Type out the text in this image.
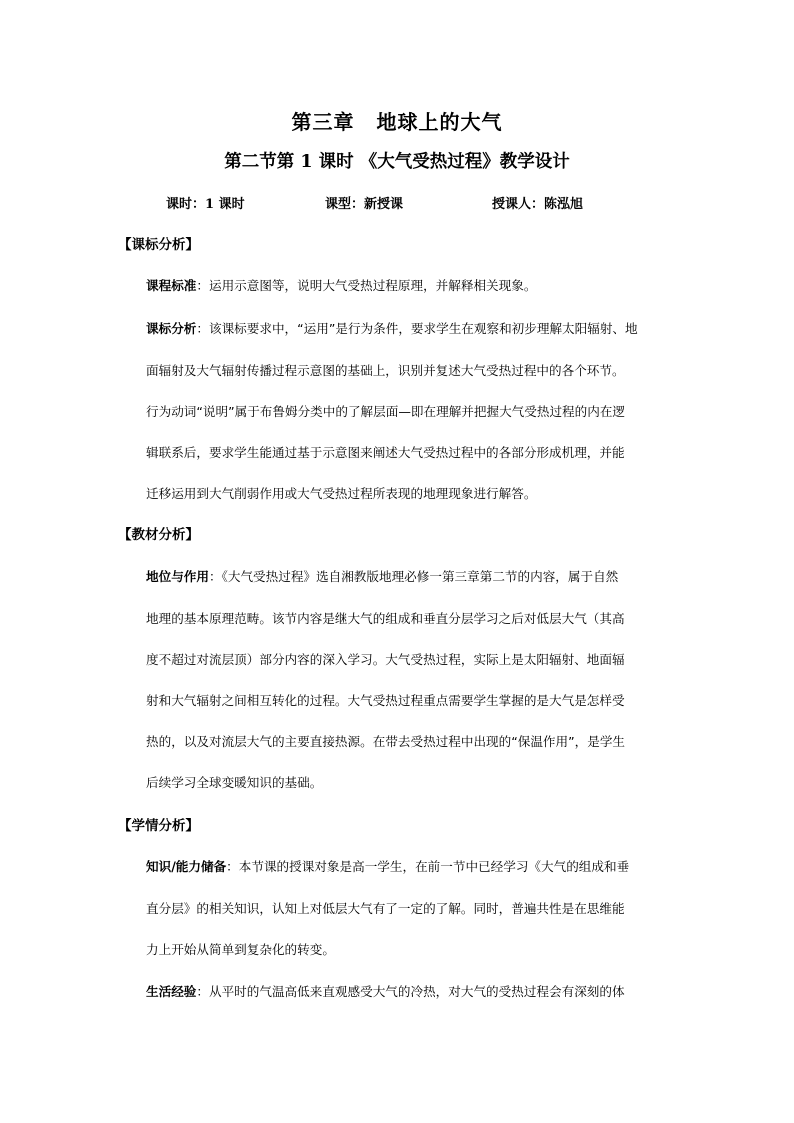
第三章 地球上的大气
第二节第 1 课时 《大气受热过程》教学设计
课时：1 课时	课型：新授课	授课人：陈泓旭
【课标分析】
课程标准：运用示意图等，说明大气受热过程原理，并解释相关现象。
课标分析：该课标要求中，“运用”是行为条件，要求学生在观察和初步理解太阳辐射、地
面辐射及大气辐射传播过程示意图的基础上，识别并复述大气受热过程中的各个环节。
行为动词“说明”属于布鲁姆分类中的了解层面—即在理解并把握大气受热过程的内在逻
辑联系后，要求学生能通过基于示意图来阐述大气受热过程中的各部分形成机理，并能
迁移运用到大气削弱作用或大气受热过程所表现的地理现象进行解答。
【教材分析】
地位与作用：《大气受热过程》选自湘教版地理必修一第三章第二节的内容，属于自然
地理的基本原理范畴。该节内容是继大气的组成和垂直分层学习之后对低层大气（其高
度不超过对流层顶）部分内容的深入学习。大气受热过程，实际上是太阳辐射、地面辐
射和大气辐射之间相互转化的过程。大气受热过程重点需要学生掌握的是大气是怎样受
热的，以及对流层大气的主要直接热源。在带去受热过程中出现的“保温作用”，是学生
后续学习全球变暖知识的基础。
【学情分析】
知识/能力储备：本节课的授课对象是高一学生，在前一节中已经学习《大气的组成和垂
直分层》的相关知识，认知上对低层大气有了一定的了解。同时，普遍共性是在思维能
力上开始从简单到复杂化的转变。
生活经验：从平时的气温高低来直观感受大气的冷热，对大气的受热过程会有深刻的体
